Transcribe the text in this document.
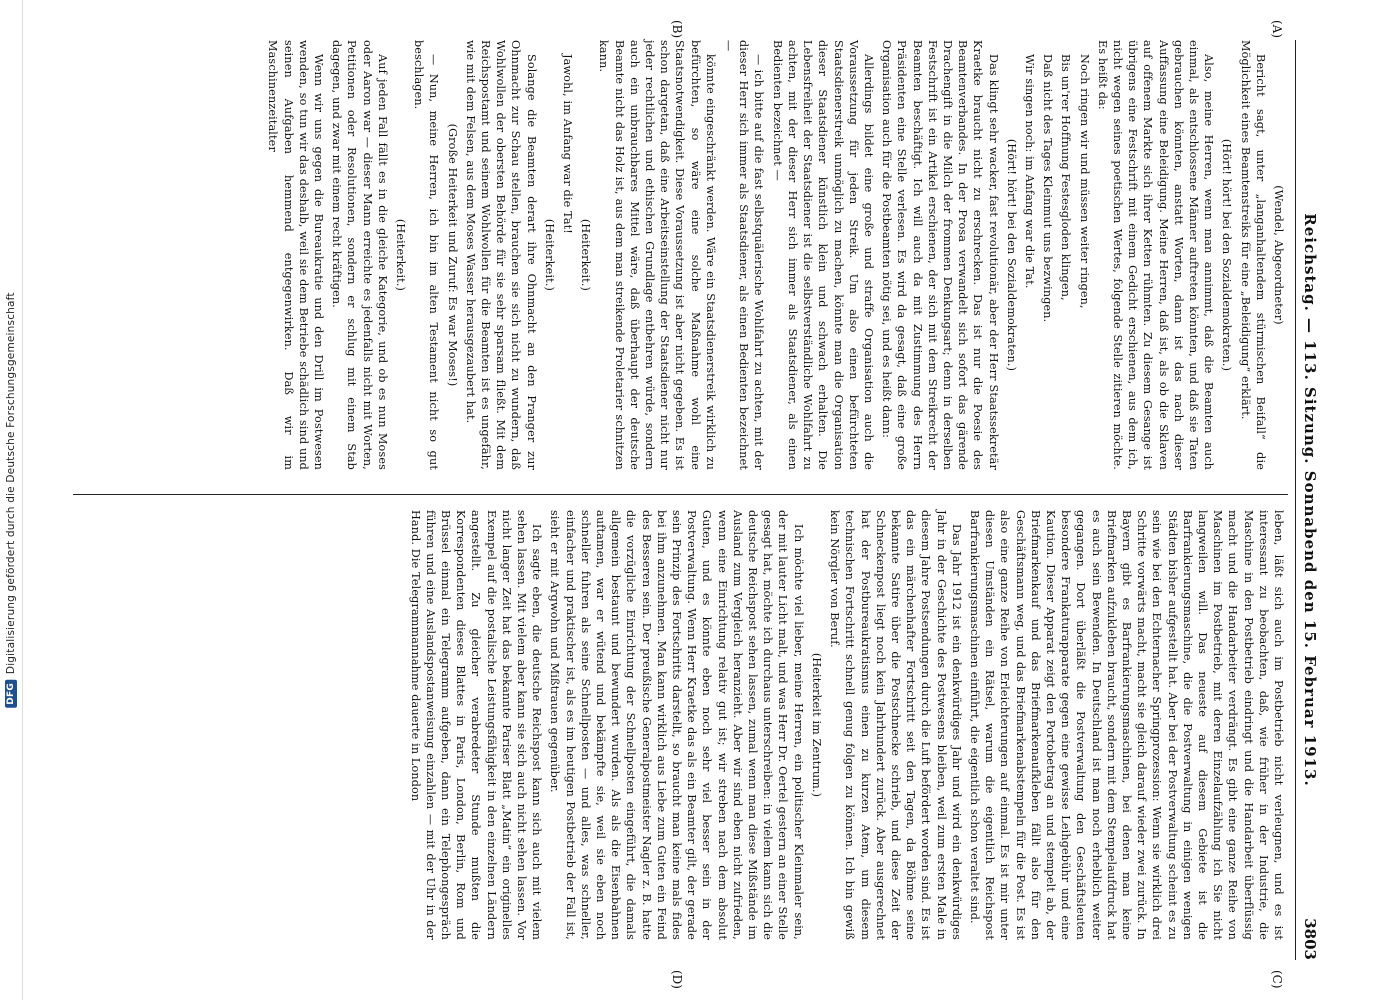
DFG
Digitalisierung gefördert durch die Deutsche Forschungsgemeinschaft	Reichstag. — 113. Sitzung. Sonnabend den 15. Februar 1913.
3803
(A)
(B)
(C)
(D)

(Wendel, Abgeordneter)

Bericht sagt, unter „langanhaltendem stürmischen Beifall“ die Möglichkeit eines Beamtenstreiks für eine „Beleidigung“ erklärt.

(Hört! hört! bei den Sozialdemokraten.)

Also, meine Herren, wenn man annimmt, daß die Beamten auch einmal, als entschlossene Männer auftreten könnten, und daß sie Taten gebrauchen könnten, anstatt Worten, dann ist das nach dieser Auffassung eine Beleidigung. Meine Herren, daß ist, als ob die Sklaven auf offenem Markte sich ihrer Ketten rühmten. Zu diesem Gesange ist übrigens eine Festschrift mit einem Gedicht erschienen, aus dem ich, nicht wegen seines poetischen Wertes, folgende Stelle zitieren möchte. Es heißt da:

Noch ringen wir und müssen weiter ringen,

Bis un'rer Hoffnung Festesgloden klingen,

Daß nicht des Tages Kleinmut uns bezwingen.

Wir singen noch: im Anfang war die Tat.

(Hört! hört! bei den Sozialdemokraten.)

Das klingt sehr wacker, fast revolutionär, aber der Herr Staatssekretär Kraetke braucht nicht zu erschrecken. Das ist nur die Poesie des Beamtenverbandes. In der Prosa verwandelt sich sofort das gärende Drachengift in die Milch der frommen Denkungsart; denn in derselben Festschrift ist ein Artikel erschienen, der sich mit dem Streikrecht der Beamten beschäftigt. Ich will auch da mit Zustimmung des Herrn Präsidenten eine Stelle verlesen. Es wird da gesagt, daß eine große Organisation auch für die Postbeamten nötig sei, und es heißt dann:

Allerdings bildet eine große und straffe Organisation auch die Voraussetzung für jeden Streik. Um also einen befürchteten Staatsdienerstreik unmöglich zu machen, könnte man die Organisation dieser Staatsdiener künstlich klein und schwach erhalten. Die Lebensfreiheit der Staatsdiener ist die selbstverständliche Wohlfahrt zu achten, mit der dieser Herr sich immer als Staatsdiener, als einen Bedienten bezeichnet —

— ich bitte auf die fast selbstquälerische Wohlfahrt zu achten, mit der dieser Herr sich immer als Staatsdiener, als einen Bedienten bezeichnet —

könnte eingeschränkt werden. Wäre ein Staatsdienerstreik wirklich zu befürchten, so wäre eine solche Maßnahme wohl eine Staatsnotwendigkeit. Diese Voraussetzung ist aber nicht gegeben. Es ist schon dargetan, daß eine Arbeitseinstellung der Staatsdiener nicht nur jeder rechtlichen und ethischen Grundlage entbehren würde, sondern auch ein unbrauchbares Mittel wäre, daß überhaupt der deutsche Beamte nicht das Holz ist, aus dem man streikende Proletarier schnitzen kann.

(Heiterkeit.)

Jawohl, im Anfang war die Tat!

(Heiterkeit.)

Solange die Beamten derart ihre Ohnmacht an den Pranger zur Ohnmacht zur Schau stellen, brauchen sie sich nicht zu wundern, daß Wohlwollen der obersten Behörde für sie sehr sparsam fließt. Mit dem Reichspostamt und seinem Wohlwollen für die Beamten ist es ungefähr, wie mit dem Felsen, aus dem Moses Wasser herausgezaubert hat.

(Große Heiterkeit und Zuruf: Es war Moses!)

— Nun, meine Herren, ich bin im alten Testament nicht so gut beschlagen.

(Heiterkeit.)

Auf jeden Fall fällt es in die gleiche Kategorie, und ob es nun Moses oder Aaron war — dieser Mann erreichte es jedenfalls nicht mit Worten, Petitionen oder Resolutionen, sondern er schlug mit einem Stab dagegen, und zwar mit einem recht kräftigen.

Wenn wir uns gegen die Bureaukratie und den Drill im Postwesen wenden, so tun wir das deshalb, weil sie dem Betriebe schädlich sind und seinen Aufgaben hemmend entgegenwirken. Daß wir im Maschinenzeitalter

leben, läßt sich auch im Postbetrieb nicht verleugnen, und es ist interessant zu beobachten, daß, wie früher in der Industrie, die Maschine in den Postbetrieb eindringt und die Handarbeit überflüssig macht und die Handarbeiter verdrängt. Es gibt eine ganze Reihe von Maschinen im Postbetrieb, mit deren Einzelaufzählung ich Sie nicht langweilen will. Das neueste auf diesem Gebiete ist die Barfrankierungsmaschine, die die Postverwaltung in einigen wenigen Städten bisher aufgestellt hat. Aber bei der Postverwaltung scheint es zu sein wie bei den Echternacher Springprozession: Wenn sie wirklich drei Schritte vorwärts macht, macht sie gleich darauf wieder zwei zurück. In Bayern gibt es Barfrankierungsmaschinen, bei denen man keine Briefmarken aufzukleben braucht, sondern mit dem Stempelaufdruck hat es auch sein Bewenden. In Deutschland ist man noch erheblich weiter gegangen. Dort überläßt die Postverwaltung den Geschäftsleuten besondere Frankaturapparate gegen eine gewisse Leihgebühr und eine Kaution. Dieser Apparat zeigt den Portobetrag an und stempelt ab, der Briefmarkenkauf und das Briefmarkenaufkleben fällt also für den Geschäftsmann weg, und das Briefmarkenabstempeln für die Post. Es ist also eine ganze Reihe von Erleichterungen auf einmal. Es ist mir unter diesen Umständen ein Rätsel, warum die eigentlich Reichspost Barfrankierungsmaschinen einführt, die eigentlich schon veraltet sind.

Das Jahr 1912 ist ein denkwürdiges Jahr und wird ein denkwürdiges Jahr in der Geschichte des Postwesens bleiben, weil zum ersten Male in diesem Jahre Postsendungen durch die Luft befördert worden sind. Es ist das ein märchenhafter Fortschritt seit den Tagen, da Böhme seine bekannte Satire über die Postschnecke schrieb, und diese Zeit der Schneckenpost liegt noch kein Jahrhundert zurück. Aber ausgerechnet hat der Postbureaukratismus einen zu kurzen Atem, um diesem technischen Fortschritt schnell genug folgen zu können. Ich bin gewiß kein Nörgler von Beruf.

(Heiterkeit im Zentrum.)

Ich möchte viel lieber, meine Herren, ein politischer Kleinmaler sein, der mit lauter Licht malt, und was Herr Dr. Oertel gestern an einer Stelle gesagt hat, möchte ich durchaus unterschreiben: in vielem kann sich die deutsche Reichspost sehen lassen, zumal wenn man diese Mißstände im Ausland zum Vergleich heranzieht. Aber wir sind eben nicht zufrieden, wenn eine Einrichtung relativ gut ist; wir streben nach dem absolut Guten, und es könnte eben noch sehr viel besser sein in der Postverwaltung. Wenn Herr Kraetke das als ein Beamter gilt, der gerade sein Prinzip des Fortschritts darstellt, so braucht man keine mals fides bei ihm anzunehmen. Man kann wirklich aus Liebe zum Guten ein Feind des Besseren sein. Der preußische Generalpostmeister Nagler z. B. hatte die vorzügliche Einrichtung der Schnellposten eingeführt, die damals allgemein bestaunt und bewundert wurden. Als als die Eisenbahnen auftamen, war er wütend und bekämpfte sie, weil sie eben noch schneller fuhren als seine Schnellposten — und alles, was schneller, einfacher und praktischer ist, als es im heutigen Postbetrieb der Fall ist, sieht er mit Argwohn und Mißtrauen gegenüber.

Ich sagte eben, die deutsche Reichspost kann sich auch mit vielem sehen lassen. Mit vielem aber kann sie sich auch nicht sehen lassen. Vor nicht langer Zeit hat das bekannte Pariser Blatt „Matin“ ein originelles Exempel auf die postalische Leistungsfähigkeit in den einzelnen Ländern angestellt. Zu gleicher verabredeter Stunde mußten die Korrespondenten dieses Blattes in Paris, London, Berlin, Rom und Brüssel einmal ein Telegramm aufgeben, dann ein Telephongespräch führen und eine Auslandspostanweisung einzahlen — mit der Uhr in der Hand. Die Telegrammannahme dauerte in London
